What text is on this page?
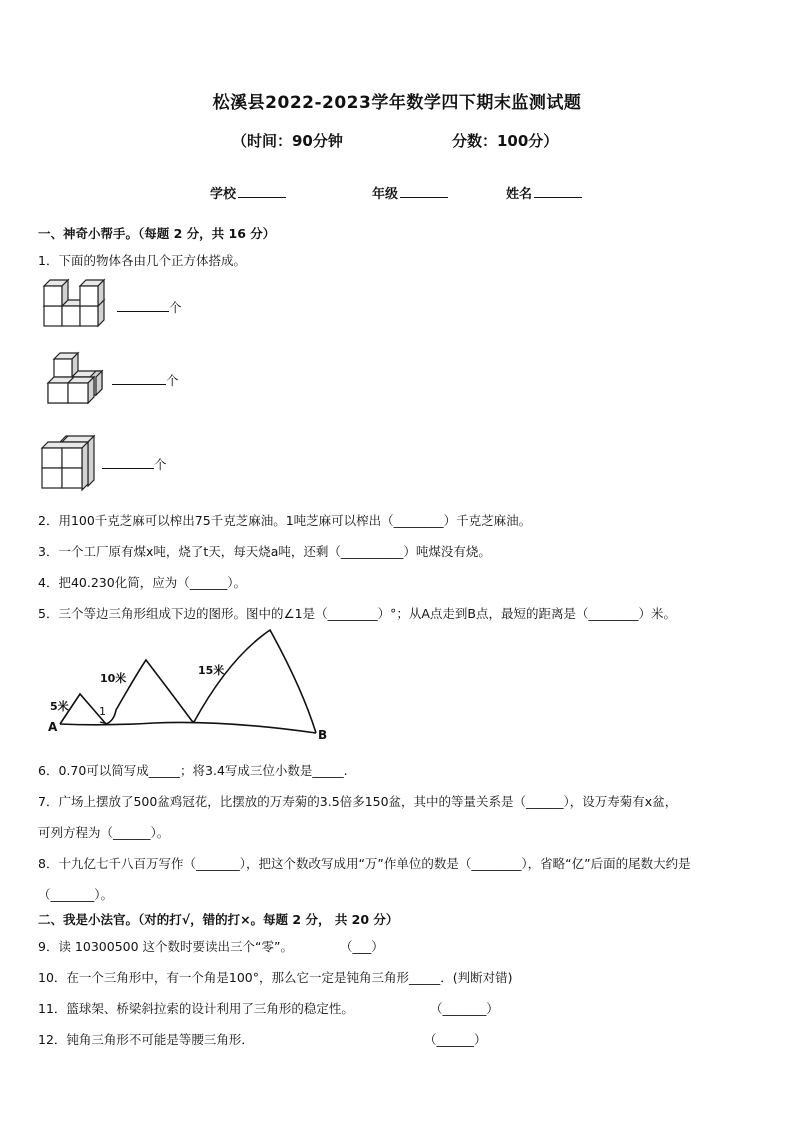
松溪县2022-2023学年数学四下期末监测试题
（时间：90分钟	分数：100分）
学校	年级	姓名
一、神奇小帮手。（每题 2 分，共 16 分）
1．下面的物体各由几个正方体搭成。
个
个
个
2．用100千克芝麻可以榨出75千克芝麻油。1吨芝麻可以榨出（________）千克芝麻油。
3．一个工厂原有煤x吨，烧了t天，每天烧a吨，还剩（__________）吨煤没有烧。
4．把40.230化简，应为（______）。
5．三个等边三角形组成下边的图形。图中的∠1是（________）°；从A点走到B点，最短的距离是（________）米。
5米
10米
15米
1
A
B
6．0.70可以简写成_____；将3.4写成三位小数是_____.
7．广场上摆放了500盆鸡冠花，比摆放的万寿菊的3.5倍多150盆，其中的等量关系是（______），设万寿菊有x盆，
可列方程为（______）。
8．十九亿七千八百万写作（_______），把这个数改写成用“万”作单位的数是（________），省略“亿”后面的尾数大约是
（_______）。
二、我是小法官。（对的打√，错的打×。每题 2 分， 共 20 分）
9．读 10300500 这个数时要读出三个“零”。	（___）
10．在一个三角形中，有一个角是100°，那么它一定是钝角三角形_____．(判断对错)
11．篮球架、桥梁斜拉索的设计利用了三角形的稳定性。	（_______）
12．钝角三角形不可能是等腰三角形．	（______）
